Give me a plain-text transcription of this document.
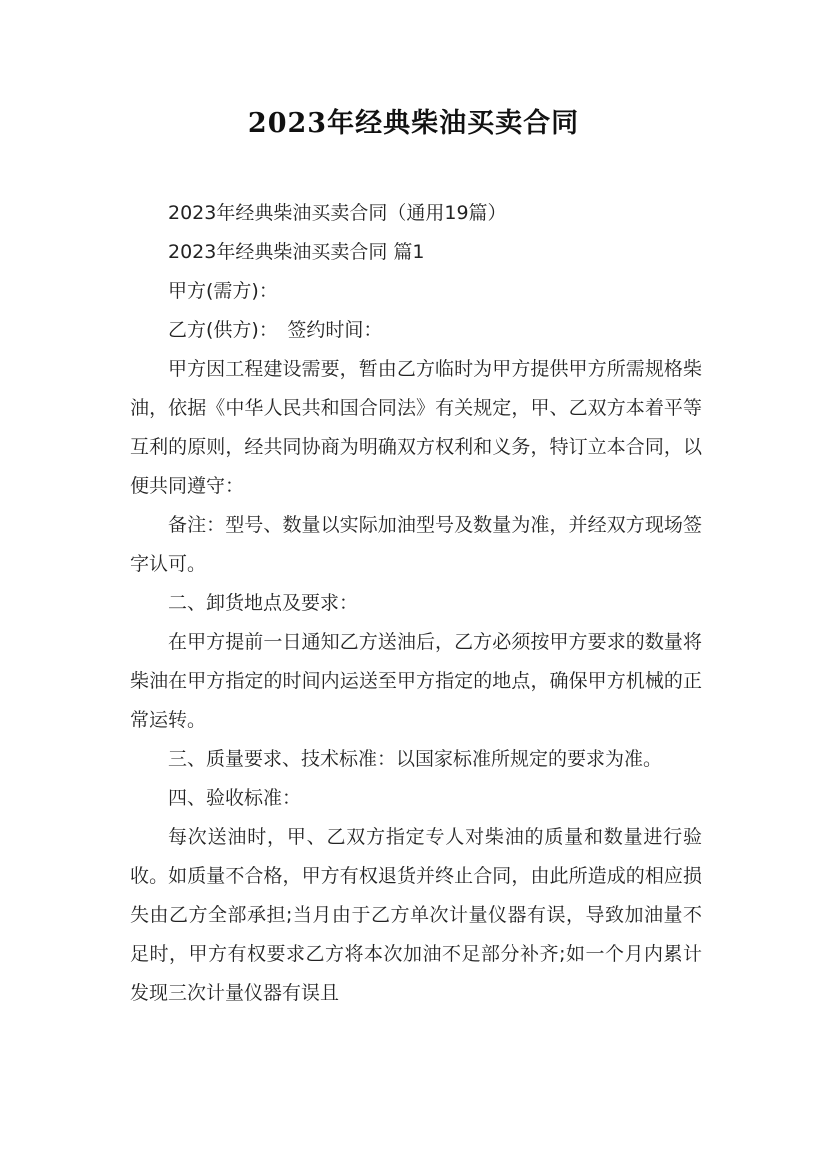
2023年经典柴油买卖合同

2023年经典柴油买卖合同（通用19篇）

2023年经典柴油买卖合同 篇1

甲方(需方)：

乙方(供方)：　签约时间：

甲方因工程建设需要，暂由乙方临时为甲方提供甲方所需规格柴油，依据《中华人民共和国合同法》有关规定，甲、乙双方本着平等互利的原则，经共同协商为明确双方权利和义务，特订立本合同，以便共同遵守：

备注：型号、数量以实际加油型号及数量为准，并经双方现场签字认可。

二、卸货地点及要求：

在甲方提前一日通知乙方送油后，乙方必须按甲方要求的数量将柴油在甲方指定的时间内运送至甲方指定的地点，确保甲方机械的正常运转。

三、质量要求、技术标准：以国家标准所规定的要求为准。

四、验收标准：

每次送油时，甲、乙双方指定专人对柴油的质量和数量进行验收。如质量不合格，甲方有权退货并终止合同，由此所造成的相应损失由乙方全部承担;当月由于乙方单次计量仪器有误，导致加油量不足时，甲方有权要求乙方将本次加油不足部分补齐;如一个月内累计发现三次计量仪器有误且
